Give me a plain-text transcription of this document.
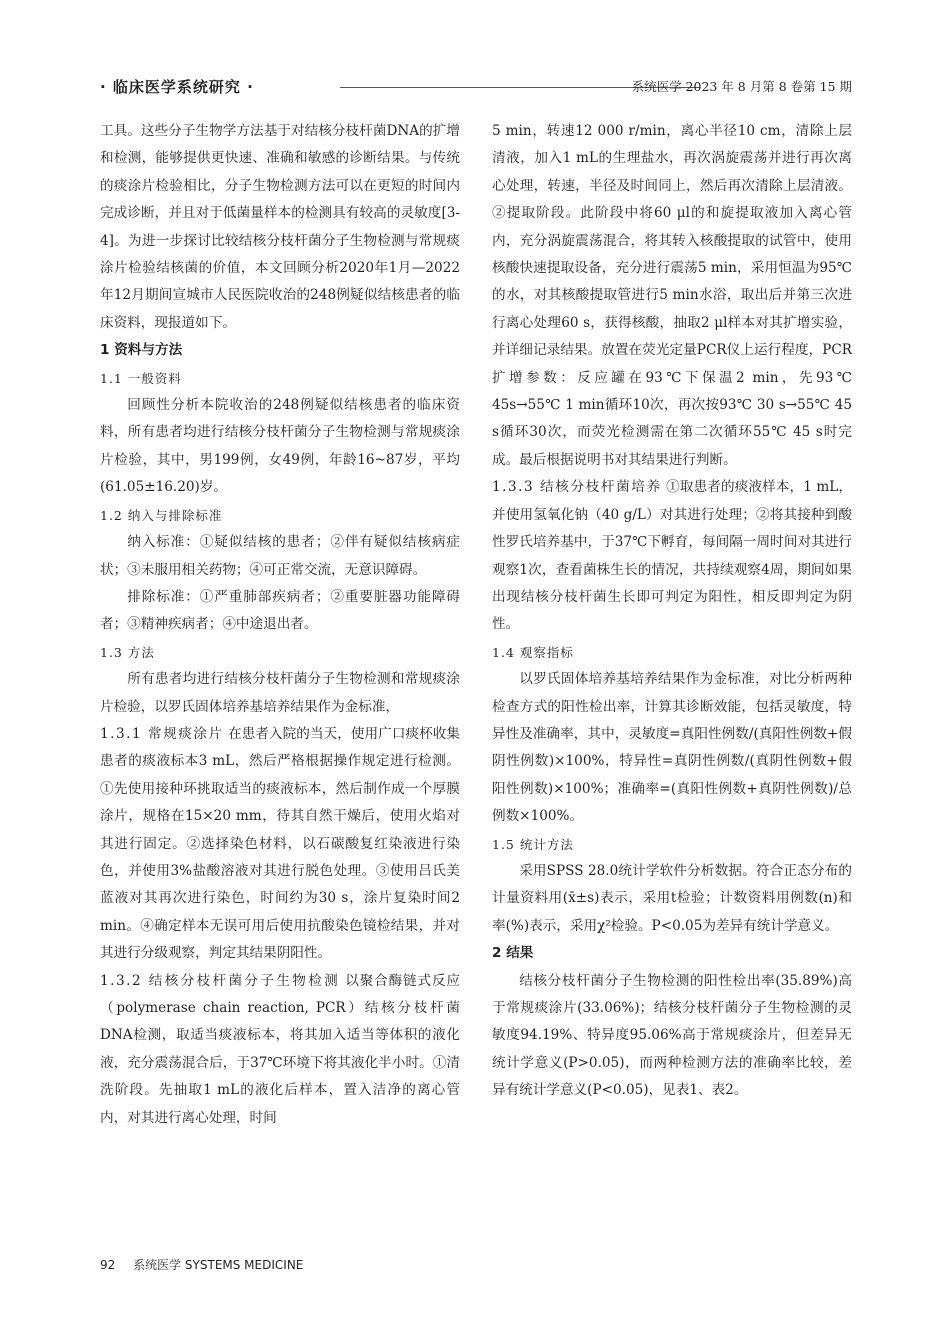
· 临床医学系统研究 ·	系统医学 2023 年 8 月第 8 卷第 15 期

工具。这些分子生物学方法基于对结核分枝杆菌DNA的扩增和检测，能够提供更快速、准确和敏感的诊断结果。与传统的痰涂片检验相比，分子生物检测方法可以在更短的时间内完成诊断，并且对于低菌量样本的检测具有较高的灵敏度[3-4]。为进一步探讨比较结核分枝杆菌分子生物检测与常规痰涂片检验结核菌的价值，本文回顾分析2020年1月—2022年12月期间宣城市人民医院收治的248例疑似结核患者的临床资料，现报道如下。

1 资料与方法

1.1 一般资料

回顾性分析本院收治的248例疑似结核患者的临床资料，所有患者均进行结核分枝杆菌分子生物检测与常规痰涂片检验，其中，男199例，女49例，年龄16~87岁，平均(61.05±16.20)岁。

1.2 纳入与排除标准

纳入标准：①疑似结核的患者；②伴有疑似结核病症状；③未服用相关药物；④可正常交流，无意识障碍。

排除标准：①严重肺部疾病者；②重要脏器功能障碍者；③精神疾病者；④中途退出者。

1.3 方法

所有患者均进行结核分枝杆菌分子生物检测和常规痰涂片检验，以罗氏固体培养基培养结果作为金标准，

1.3.1 常规痰涂片 在患者入院的当天，使用广口痰杯收集患者的痰液标本3 mL，然后严格根据操作规定进行检测。①先使用接种环挑取适当的痰液标本，然后制作成一个厚膜涂片，规格在15×20 mm，待其自然干燥后，使用火焰对其进行固定。②选择染色材料，以石碳酸复红染液进行染色，并使用3%盐酸溶液对其进行脱色处理。③使用吕氏美蓝液对其再次进行染色，时间约为30 s，涂片复染时间2 min。④确定样本无误可用后使用抗酸染色镜检结果，并对其进行分级观察，判定其结果阴阳性。

1.3.2 结核分枝杆菌分子生物检测 以聚合酶链式反应（polymerase chain reaction, PCR）结核分枝杆菌DNA检测，取适当痰液标本，将其加入适当等体积的液化液，充分震荡混合后，于37℃环境下将其液化半小时。①清洗阶段。先抽取1 mL的液化后样本，置入洁净的离心管内，对其进行离心处理，时间

5 min，转速12 000 r/min，离心半径10 cm，清除上层清液，加入1 mL的生理盐水，再次涡旋震荡并进行再次离心处理，转速，半径及时间同上，然后再次清除上层清液。②提取阶段。此阶段中将60 μl的和旋提取液加入离心管内，充分涡旋震荡混合，将其转入核酸提取的试管中，使用核酸快速提取设备，充分进行震荡5 min，采用恒温为95℃的水，对其核酸提取管进行5 min水浴，取出后并第三次进行离心处理60 s，获得核酸，抽取2 μl样本对其扩增实验，并详细记录结果。放置在荧光定量PCR仪上运行程度，PCR扩增参数：反应罐在93℃下保温2 min，先93℃ 45s→55℃ 1 min循环10次，再次按93℃ 30 s→55℃ 45 s循环30次，而荧光检测需在第二次循环55℃ 45 s时完成。最后根据说明书对其结果进行判断。

1.3.3 结核分枝杆菌培养 ①取患者的痰液样本，1 mL，并使用氢氧化钠（40 g/L）对其进行处理；②将其接种到酸性罗氏培养基中，于37℃下孵育，每间隔一周时间对其进行观察1次，查看菌株生长的情况，共持续观察4周，期间如果出现结核分枝杆菌生长即可判定为阳性，相反即判定为阴性。

1.4 观察指标

以罗氏固体培养基培养结果作为金标准，对比分析两种检查方式的阳性检出率，计算其诊断效能，包括灵敏度，特异性及准确率，其中，灵敏度=真阳性例数/(真阳性例数+假阴性例数)×100%，特异性=真阴性例数/(真阴性例数+假阳性例数)×100%；准确率=(真阳性例数+真阴性例数)/总例数×100%。

1.5 统计方法

采用SPSS 28.0统计学软件分析数据。符合正态分布的计量资料用(x̄±s)表示，采用t检验；计数资料用例数(n)和率(%)表示，采用χ²检验。P<0.05为差异有统计学意义。

2 结果

结核分枝杆菌分子生物检测的阳性检出率(35.89%)高于常规痰涂片(33.06%)；结核分枝杆菌分子生物检测的灵敏度94.19%、特异度95.06%高于常规痰涂片，但差异无统计学意义(P>0.05)，而两种检测方法的准确率比较，差异有统计学意义(P<0.05)，见表1、表2。

92 系统医学 SYSTEMS MEDICINE
